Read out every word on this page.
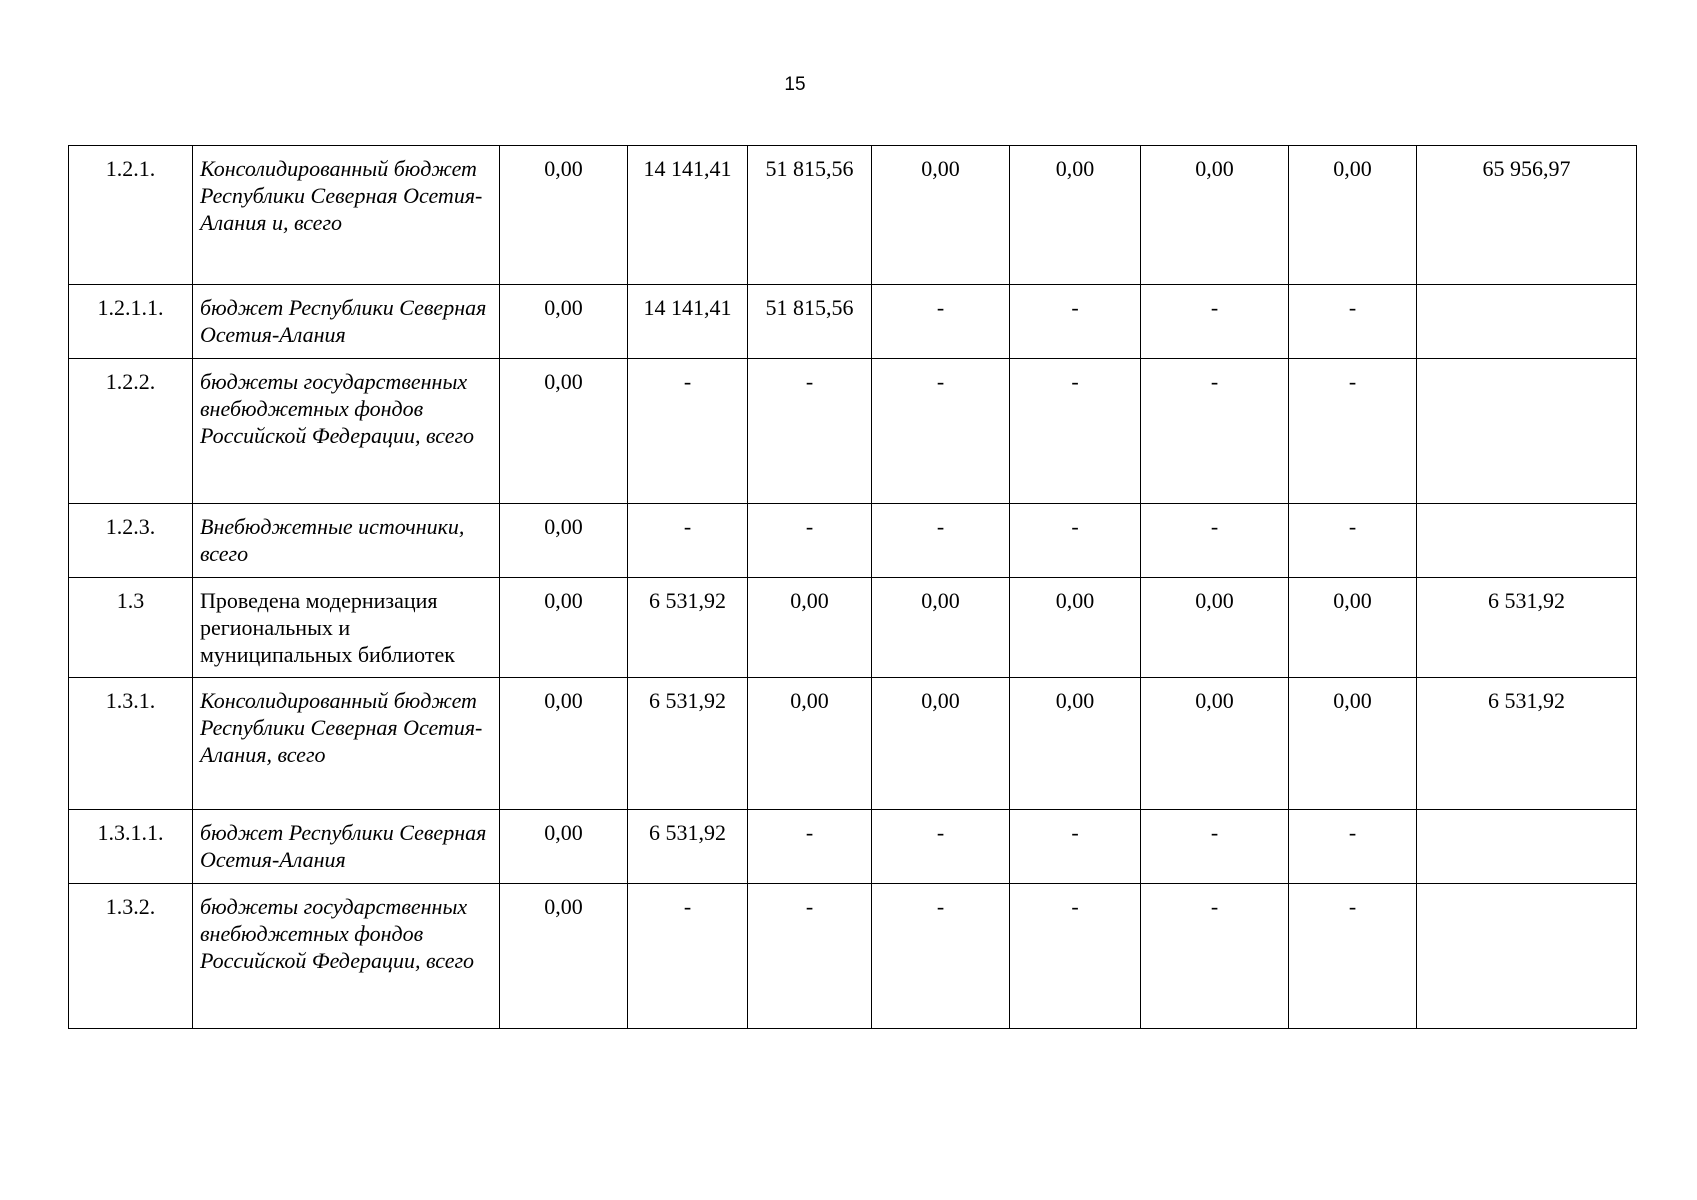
15
1.2.1.	Консолидированный бюджет Республики Северная Осетия-Алания и, всего	0,00	14 141,41	51 815,56	0,00	0,00	0,00	0,00	65 956,97
1.2.1.1.	бюджет Республики Северная Осетия-Алания	0,00	14 141,41	51 815,56	-	-	-	-	
1.2.2.	бюджеты государственных внебюджетных фондов Российской Федерации, всего	0,00	-	-	-	-	-	-	
1.2.3.	Внебюджетные источники, всего	0,00	-	-	-	-	-	-	
1.3	Проведена модернизация региональных и муниципальных библиотек	0,00	6 531,92	0,00	0,00	0,00	0,00	0,00	6 531,92
1.3.1.	Консолидированный бюджет Республики Северная Осетия-Алания, всего	0,00	6 531,92	0,00	0,00	0,00	0,00	0,00	6 531,92
1.3.1.1.	бюджет Республики Северная Осетия-Алания	0,00	6 531,92	-	-	-	-	-	
1.3.2.	бюджеты государственных внебюджетных фондов Российской Федерации, всего	0,00	-	-	-	-	-	-	
